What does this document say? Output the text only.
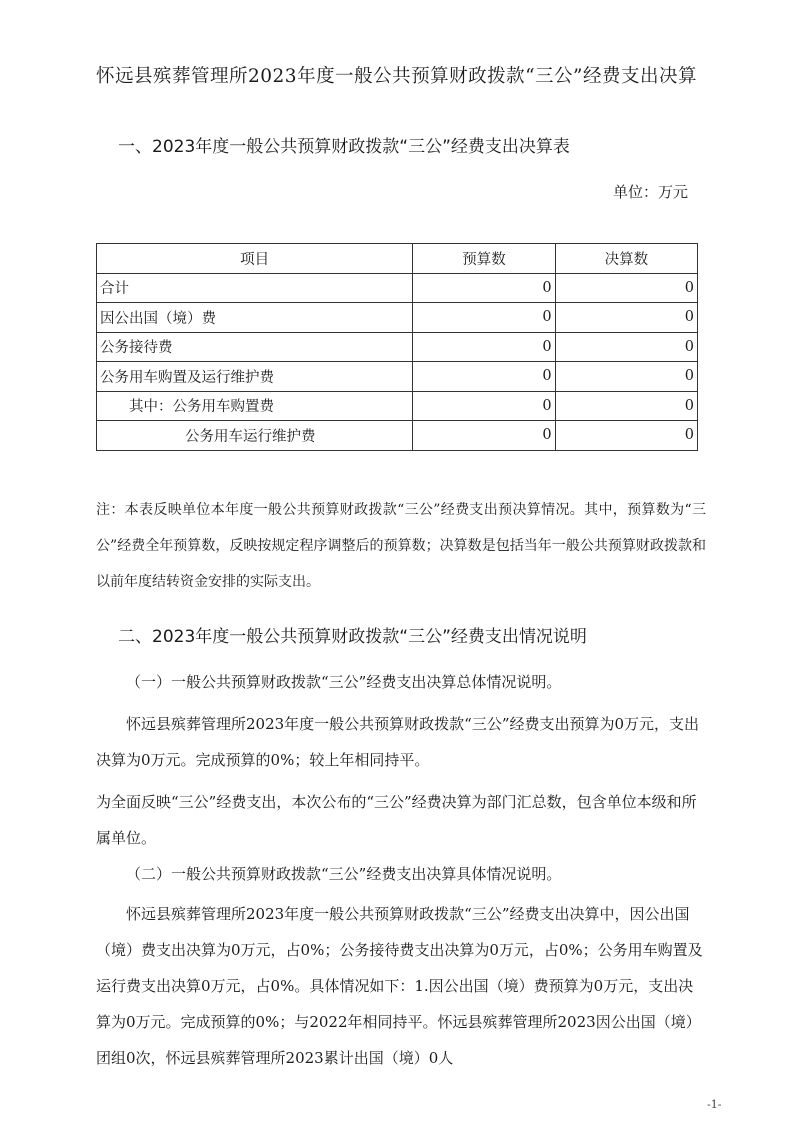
怀远县殡葬管理所2023年度一般公共预算财政拨款“三公”经费支出决算
一、2023年度一般公共预算财政拨款“三公”经费支出决算表
单位：万元
项目	预算数	决算数
合计	0	0
因公出国（境）费	0	0
公务接待费	0	0
公务用车购置及运行维护费	0	0
其中：公务用车购置费	0	0
公务用车运行维护费	0	0
注：本表反映单位本年度一般公共预算财政拨款“三公”经费支出预决算情况。其中，预算数为“三公”经费全年预算数，反映按规定程序调整后的预算数；决算数是包括当年一般公共预算财政拨款和以前年度结转资金安排的实际支出。
二、2023年度一般公共预算财政拨款“三公”经费支出情况说明
（一）一般公共预算财政拨款“三公”经费支出决算总体情况说明。
怀远县殡葬管理所2023年度一般公共预算财政拨款“三公”经费支出预算为0万元，支出决算为0万元。完成预算的0%；较上年相同持平。
为全面反映“三公”经费支出，本次公布的“三公”经费决算为部门汇总数，包含单位本级和所属单位。
（二）一般公共预算财政拨款“三公”经费支出决算具体情况说明。
怀远县殡葬管理所2023年度一般公共预算财政拨款“三公”经费支出决算中，因公出国（境）费支出决算为0万元，占0%；公务接待费支出决算为0万元，占0%；公务用车购置及运行费支出决算0万元，占0%。具体情况如下：1.因公出国（境）费预算为0万元，支出决算为0万元。完成预算的0%；与2022年相同持平。怀远县殡葬管理所2023因公出国（境）团组0次，怀远县殡葬管理所2023累计出国（境）0人
-1-
